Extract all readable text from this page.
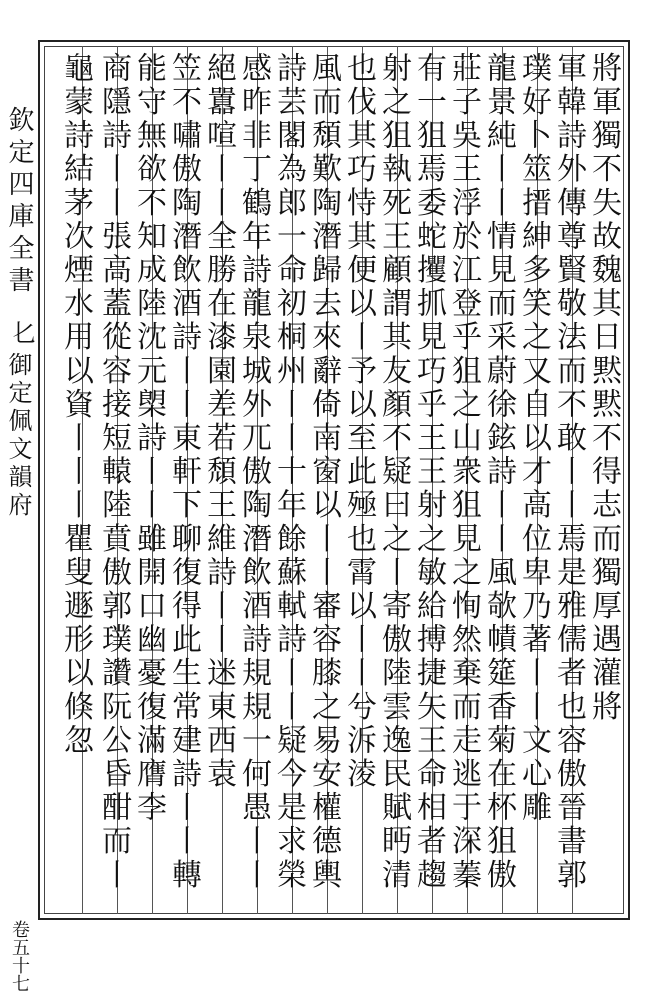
欽定四庫全書
𠤎
御定佩文韻府
卷五十七
將軍獨不失故魏其日黙黙不得志而獨厚遇灌將
軍韓詩外傳尊賢敬法而不敢丨丨焉是雅儒者也容傲晉書郭
璞好卜筮搢紳多笑之又自以才高位卑乃著丨丨文心雕
龍景純丨丨情見而采蔚徐鉉詩丨丨風欹幘筵香菊在杯狙傲
莊子吳王浮於江登乎狙之山衆狙見之恂然棄而走逃于深蓁
有一狙焉委蛇攫抓見巧乎王王射之敏給搏捷矢王命相者趨
射之狙執死王顧謂其友顏不疑曰之丨寄傲陸雲逸民賦眄清
也伐其巧恃其便以丨予以至此殛也霄以丨丨兮泝淩
風而頹歎陶潛歸去來辭倚南窗以丨丨審容膝之易安權德輿
詩芸閣為郎一命初桐州丨丨十年餘蘇軾詩丨丨疑今是求榮
感昨非丁鶴年詩龍泉城外兀傲陶潛飲酒詩規規一何愚丨丨
絕囂喧丨丨全勝在漆園差若頹王維詩丨丨迷東西袁
笠不嘯傲陶潛飲酒詩丨丨東軒下聊復得此生常建詩丨丨轉
能守無欲不知成陸沈元㮾詩丨丨雖開口幽憂復滿膺李
商隱詩丨丨張高蓋從容接短轅陸賁傲郭璞讚阮公昏酣而丨
龜蒙詩結茅次煙水用以資丨丨丨瞿叟遯形以倏忽
